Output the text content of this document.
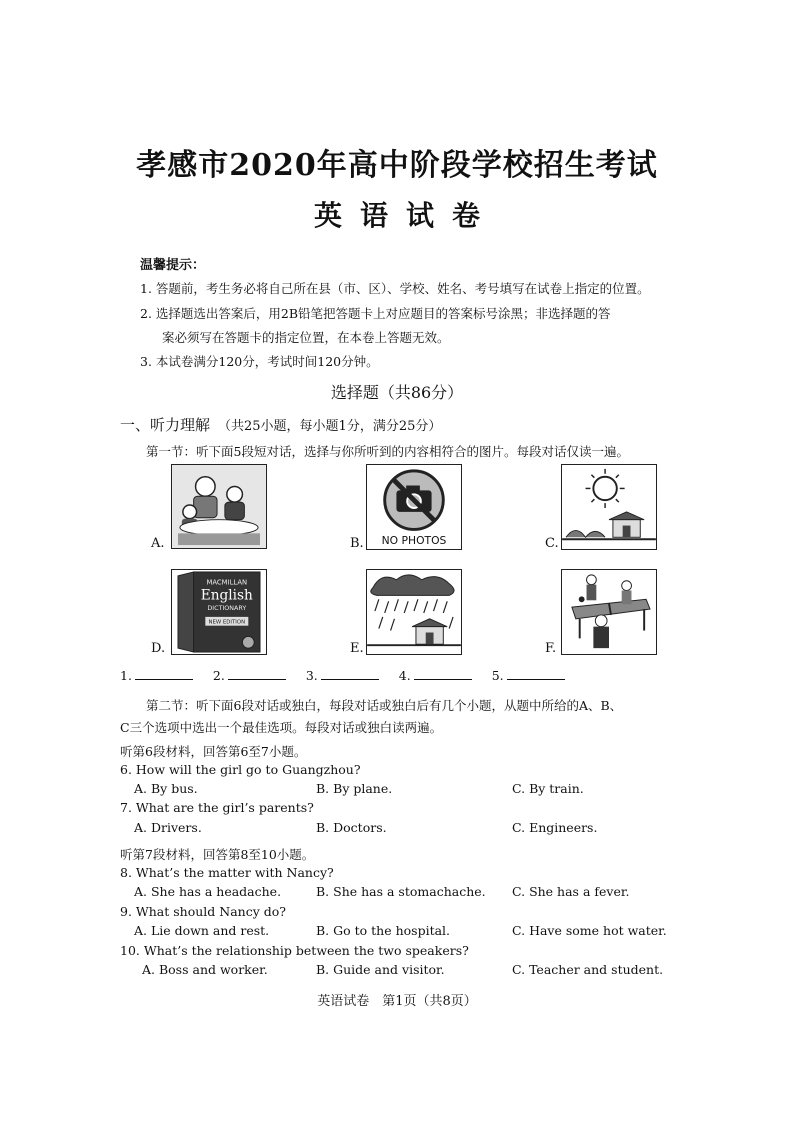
孝感市2020年高中阶段学校招生考试
英语试卷
温馨提示：
1. 答题前，考生务必将自己所在县（市、区）、学校、姓名、考号填写在试卷上指定的位置。
2. 选择题选出答案后，用2B铅笔把答题卡上对应题目的答案标号涂黑；非选择题的答
案必须写在答题卡的指定位置，在本卷上答题无效。
3. 本试卷满分120分，考试时间120分钟。
选择题（共86分）
一、听力理解 （共25小题，每小题1分，满分25分）
第一节：听下面5段短对话，选择与你所听到的内容相符合的图片。每段对话仅读一遍。
A.	B. NO PHOTOS	C.
D.
MACMILLAN
English
DICTIONARY
NEW EDITION
E.	F.
1.	2.	3.	4.	5.
第二节：听下面6段对话或独白，每段对话或独白后有几个小题，从题中所给的A、B、
C三个选项中选出一个最佳选项。每段对话或独白读两遍。
听第6段材料，回答第6至7小题。
6. How will the girl go to Guangzhou?
A. By bus.	B. By plane.	C. By train.
7. What are the girl’s parents?
A. Drivers.	B. Doctors.	C. Engineers.
听第7段材料，回答第8至10小题。
8. What’s the matter with Nancy?
A. She has a headache.	B. She has a stomachache. C. She has a fever.
9. What should Nancy do?
A. Lie down and rest.	B. Go to the hospital.	C. Have some hot water.
10. What’s the relationship between the two speakers?
A. Boss and worker.	B. Guide and visitor.	C. Teacher and student.
英语试卷　第1页（共8页）
